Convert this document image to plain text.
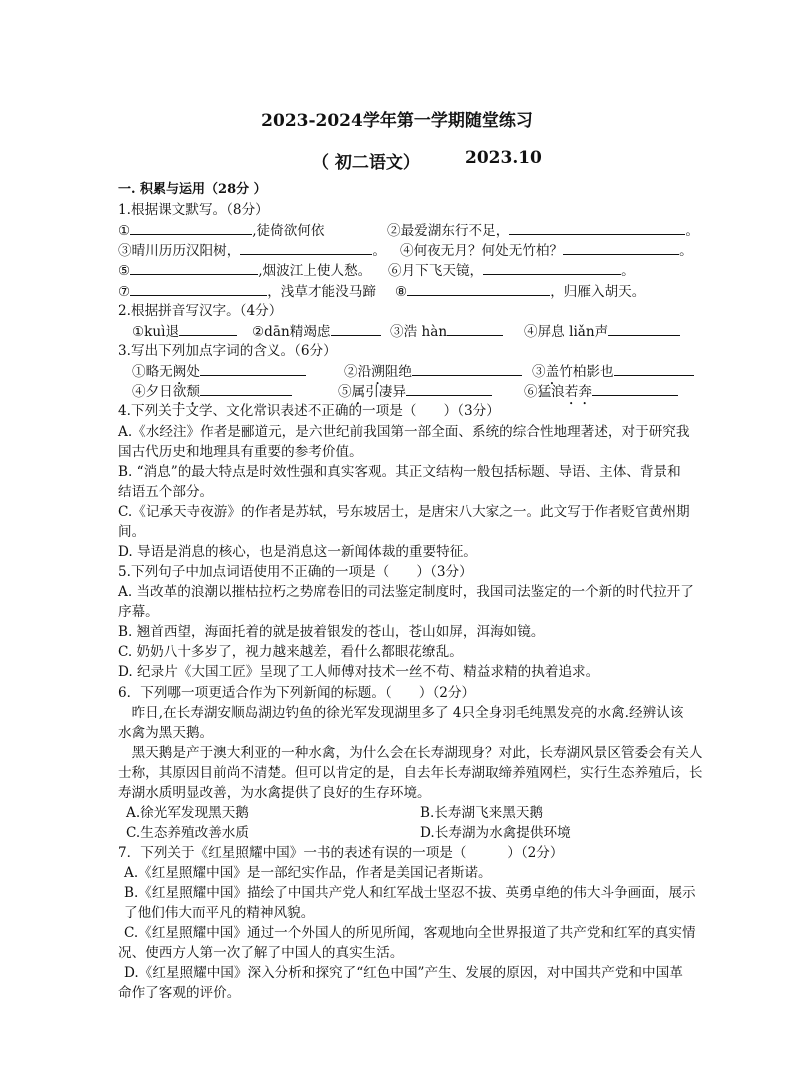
2023-2024学年第一学期随堂练习
（ 初二语文）	2023.10
一. 积累与运用（28分 ）
1.根据课文默写。（8分）
①	,徒倚欲何依	②最爱湖东行不足，	。
③晴川历历汉阳树，	。 ④何夜无月？何处无竹柏？	。
⑤	,烟波江上使人愁。 ⑥月下飞天镜，	。
⑦	，浅草才能没马蹄 ⑧	，归雁入胡天。
2.根据拼音写汉字。（4分）
①kuì退	②dān精竭虑	③浩 hàn	④屏息 liǎn声
3.写出下列加点字词的含义。（6分）
①略无阙处	②沿溯阻绝	③盖竹柏影也
④夕日欲颓	⑤属引凄异	⑥猛浪若奔
4.下列关于文学、文化常识表述不正确的一项是（　　）（3分）
A.《水经注》作者是郦道元，是六世纪前我国第一部全面、系统的综合性地理著述，对于研究我
国古代历史和地理具有重要的参考价值。
B. “消息”的最大特点是时效性强和真实客观。其正文结构一般包括标题、导语、主体、背景和
结语五个部分。
C.《记承天寺夜游》的作者是苏轼，号东坡居士，是唐宋八大家之一。此文写于作者贬官黄州期
间。
D. 导语是消息的核心，也是消息这一新闻体裁的重要特征。
5.下列句子中加点词语使用不正确的一项是（　　）（3分）
A. 当改革的浪潮以摧枯拉朽之势席卷旧的司法鉴定制度时，我国司法鉴定的一个新的时代拉开了
序幕。
B. 翘首西望，海面托着的就是披着银发的苍山，苍山如屏，洱海如镜。
C. 奶奶八十多岁了，视力越来越差，看什么都眼花缭乱。
D. 纪录片《大国工匠》呈现了工人师傅对技术一丝不苟、精益求精的执着追求。
6．下列哪一项更适合作为下列新闻的标题。（　　）（2分）
　昨日,在长寿湖安顺岛湖边钓鱼的徐光军发现湖里多了 4只全身羽毛纯黑发亮的水禽.经辨认该
水禽为黑天鹅。
　黑天鹅是产于澳大利亚的一种水禽，为什么会在长寿湖现身？对此，长寿湖风景区管委会有关人
士称，其原因目前尚不清楚。但可以肯定的是，自去年长寿湖取缔养殖网栏，实行生态养殖后，长
寿湖水质明显改善，为水禽提供了良好的生存环境。
A.徐光军发现黑天鹅	B.长寿湖飞来黑天鹅
C.生态养殖改善水质	D.长寿湖为水禽提供环境
7．下列关于《红星照耀中国》一书的表述有误的一项是（　　　）（2分）
A.《红星照耀中国》是一部纪实作品，作者是美国记者斯诺。
B.《红星照耀中国》描绘了中国共产党人和红军战士坚忍不拔、英勇卓绝的伟大斗争画面，展示
了他们伟大而平凡的精神风貌。
C.《红星照耀中国》通过一个外国人的所见所闻，客观地向全世界报道了共产党和红军的真实情
况、使西方人第一次了解了中国人的真实生活。
D.《红星照耀中国》深入分析和探究了“红色中国”产生、发展的原因，对中国共产党和中国革
命作了客观的评价。
